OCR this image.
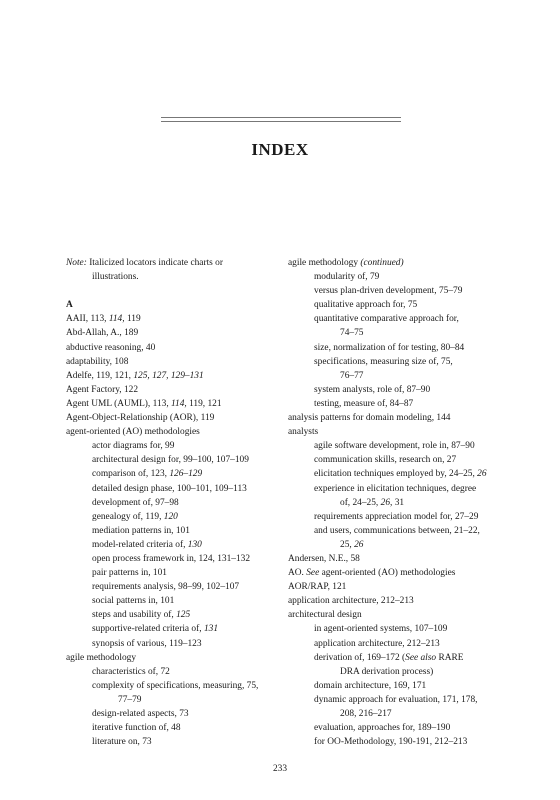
INDEX
Note: Italicized locators indicate charts or
illustrations.
A
AAII, 113, 114, 119
Abd-Allah, A., 189
abductive reasoning, 40
adaptability, 108
Adelfe, 119, 121, 125, 127, 129–131
Agent Factory, 122
Agent UML (AUML), 113, 114, 119, 121
Agent-Object-Relationship (AOR), 119
agent-oriented (AO) methodologies
actor diagrams for, 99
architectural design for, 99–100, 107–109
comparison of, 123, 126–129
detailed design phase, 100–101, 109–113
development of, 97–98
genealogy of, 119, 120
mediation patterns in, 101
model-related criteria of, 130
open process framework in, 124, 131–132
pair patterns in, 101
requirements analysis, 98–99, 102–107
social patterns in, 101
steps and usability of, 125
supportive-related criteria of, 131
synopsis of various, 119–123
agile methodology
characteristics of, 72
complexity of specifications, measuring, 75,
77–79
design-related aspects, 73
iterative function of, 48
literature on, 73
agile methodology (continued)
modularity of, 79
versus plan-driven development, 75–79
qualitative approach for, 75
quantitative comparative approach for,
74–75
size, normalization of for testing, 80–84
specifications, measuring size of, 75,
76–77
system analysts, role of, 87–90
testing, measure of, 84–87
analysis patterns for domain modeling, 144
analysts
agile software development, role in, 87–90
communication skills, research on, 27
elicitation techniques employed by, 24–25, 26
experience in elicitation techniques, degree
of, 24–25, 26, 31
requirements appreciation model for, 27–29
and users, communications between, 21–22,
25, 26
Andersen, N.E., 58
AO. See agent-oriented (AO) methodologies
AOR/RAP, 121
application architecture, 212–213
architectural design
in agent-oriented systems, 107–109
application architecture, 212–213
derivation of, 169–172 (See also RARE
DRA derivation process)
domain architecture, 169, 171
dynamic approach for evaluation, 171, 178,
208, 216–217
evaluation, approaches for, 189–190
for OO-Methodology, 190-191, 212–213
233
